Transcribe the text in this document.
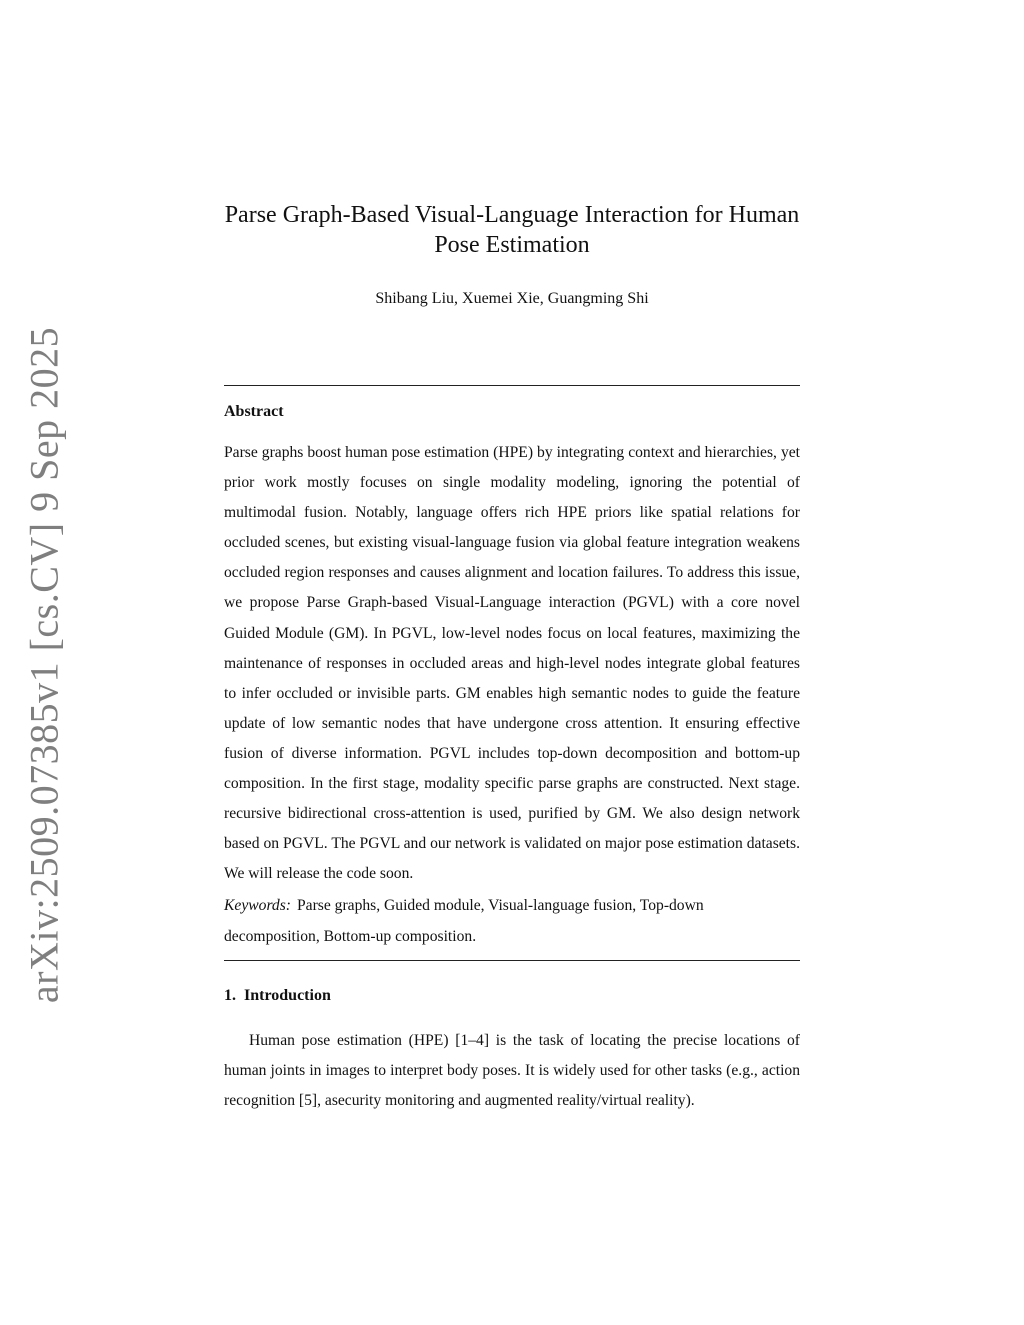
arXiv:2509.07385v1 [cs.CV] 9 Sep 2025
Parse Graph-Based Visual-Language Interaction for Human Pose Estimation
Shibang Liu, Xuemei Xie, Guangming Shi
Abstract
Parse graphs boost human pose estimation (HPE) by integrating context and hierarchies, yet prior work mostly focuses on single modality modeling, ignoring the potential of multimodal fusion. Notably, language offers rich HPE priors like spatial relations for occluded scenes, but existing visual-language fusion via global feature integration weakens occluded region responses and causes alignment and location failures. To address this issue, we propose Parse Graph-based Visual-Language interaction (PGVL) with a core novel Guided Module (GM). In PGVL, low-level nodes focus on local features, maximizing the maintenance of responses in occluded areas and high-level nodes integrate global features to infer occluded or invisible parts. GM enables high semantic nodes to guide the feature update of low semantic nodes that have undergone cross attention. It ensuring effective fusion of diverse information. PGVL includes top-down decomposition and bottom-up composition. In the first stage, modality specific parse graphs are constructed. Next stage. recursive bidirectional cross-attention is used, purified by GM. We also design network based on PGVL. The PGVL and our network is validated on major pose estimation datasets. We will release the code soon.
Keywords: Parse graphs, Guided module, Visual-language fusion, Top-down decomposition, Bottom-up composition.
1. Introduction
Human pose estimation (HPE) [1–4] is the task of locating the precise locations of human joints in images to interpret body poses. It is widely used for other tasks (e.g., action recognition [5], asecurity monitoring and augmented reality/virtual reality).
